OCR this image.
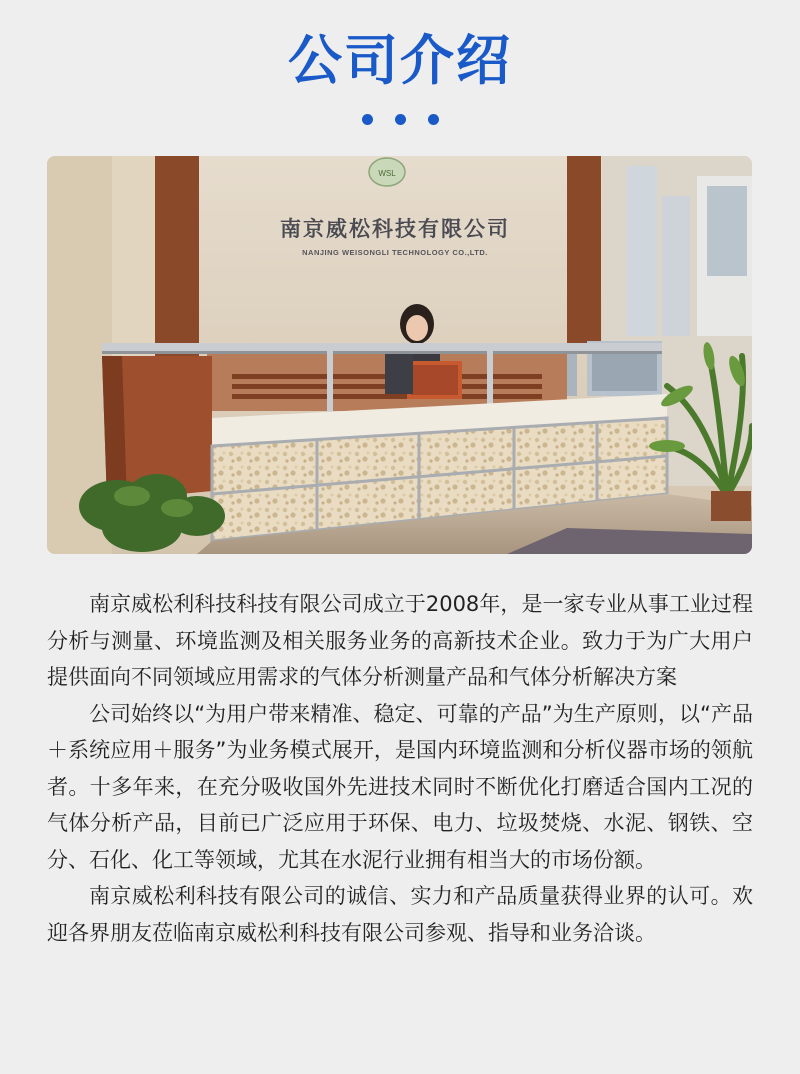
公司介绍
WSL
南京威松科技有限公司
NANJING WEISONGLI TECHNOLOGY CO.,LTD.

南京威松利科技科技有限公司成立于2008年，是一家专业从事工业过程分析与测量、环境监测及相关服务业务的高新技术企业。致力于为广大用户提供面向不同领域应用需求的气体分析测量产品和气体分析解决方案

公司始终以“为用户带来精准、稳定、可靠的产品”为生产原则，以“产品＋系统应用＋服务”为业务模式展开，是国内环境监测和分析仪器市场的领航者。十多年来，在充分吸收国外先进技术同时不断优化打磨适合国内工况的气体分析产品，目前已广泛应用于环保、电力、垃圾焚烧、水泥、钢铁、空分、石化、化工等领域，尤其在水泥行业拥有相当大的市场份额。

南京威松利科技有限公司的诚信、实力和产品质量获得业界的认可。欢迎各界朋友莅临南京威松利科技有限公司参观、指导和业务洽谈。
